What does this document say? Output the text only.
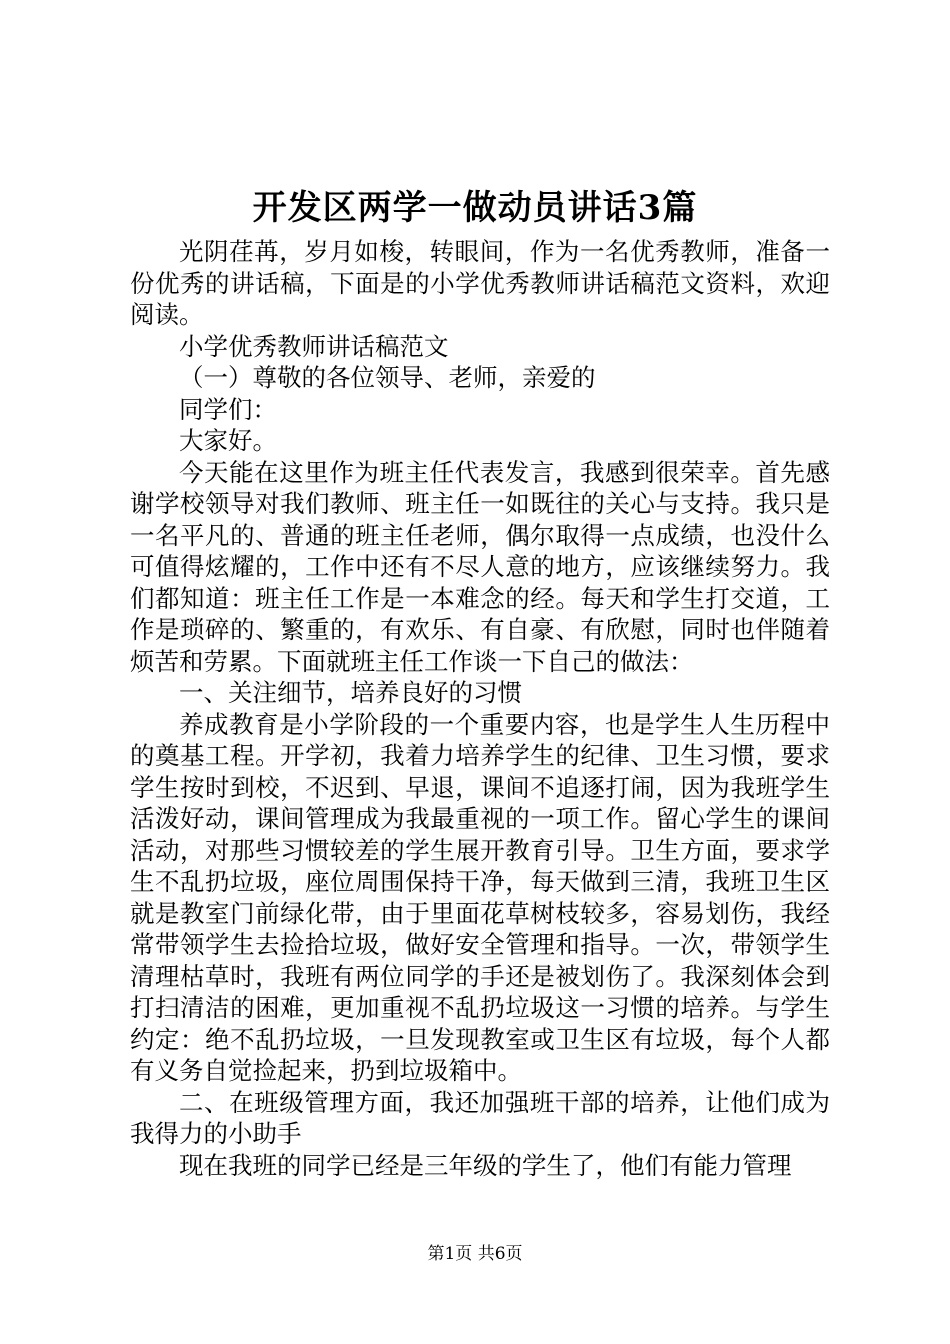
开发区两学一做动员讲话3篇

光阴荏苒，岁月如梭，转眼间，作为一名优秀教师，准备一份优秀的讲话稿，下面是的小学优秀教师讲话稿范文资料，欢迎阅读。

小学优秀教师讲话稿范文

（一）尊敬的各位领导、老师，亲爱的

同学们：

大家好。

今天能在这里作为班主任代表发言，我感到很荣幸。首先感谢学校领导对我们教师、班主任一如既往的关心与支持。我只是一名平凡的、普通的班主任老师，偶尔取得一点成绩，也没什么可值得炫耀的，工作中还有不尽人意的地方，应该继续努力。我们都知道：班主任工作是一本难念的经。每天和学生打交道，工作是琐碎的、繁重的，有欢乐、有自豪、有欣慰，同时也伴随着烦苦和劳累。下面就班主任工作谈一下自己的做法：

一、关注细节，培养良好的习惯

养成教育是小学阶段的一个重要内容，也是学生人生历程中的奠基工程。开学初，我着力培养学生的纪律、卫生习惯，要求学生按时到校，不迟到、早退，课间不追逐打闹，因为我班学生活泼好动，课间管理成为我最重视的一项工作。留心学生的课间活动，对那些习惯较差的学生展开教育引导。卫生方面，要求学生不乱扔垃圾，座位周围保持干净，每天做到三清，我班卫生区就是教室门前绿化带，由于里面花草树枝较多，容易划伤，我经常带领学生去捡拾垃圾，做好安全管理和指导。一次，带领学生清理枯草时，我班有两位同学的手还是被划伤了。我深刻体会到打扫清洁的困难，更加重视不乱扔垃圾这一习惯的培养。与学生约定：绝不乱扔垃圾，一旦发现教室或卫生区有垃圾，每个人都有义务自觉捡起来，扔到垃圾箱中。

二、在班级管理方面，我还加强班干部的培养，让他们成为我得力的小助手

现在我班的同学已经是三年级的学生了，他们有能力管理

第1页 共6页
